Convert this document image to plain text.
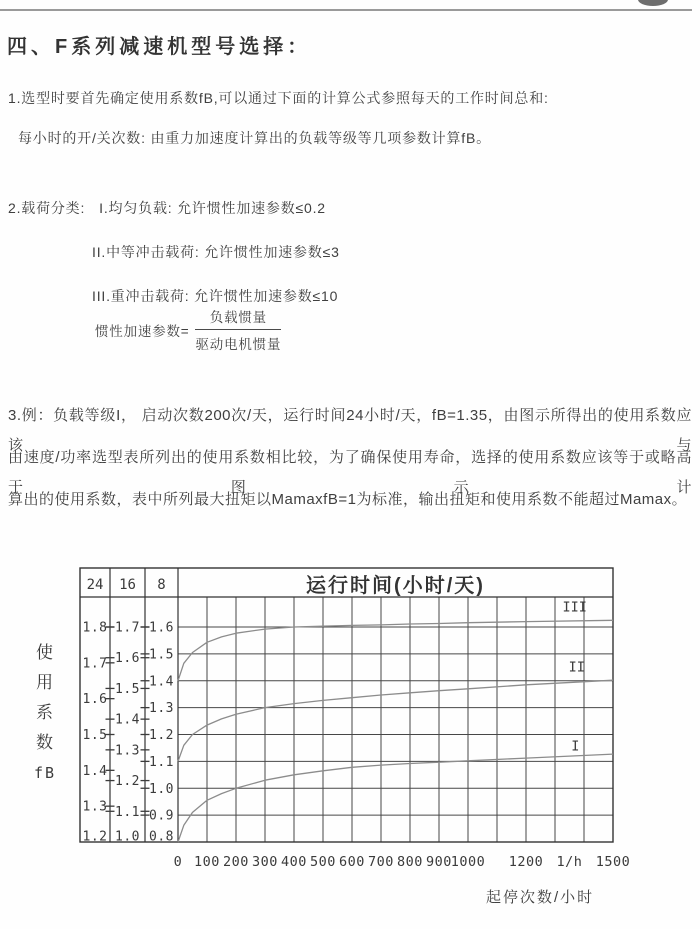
四、F系列减速机型号选择：
1.选型时要首先确定使用系数fB,可以通过下面的计算公式参照每天的工作时间总和:
每小时的开/关次数: 由重力加速度计算出的负载等级等几项参数计算fB。
2.载荷分类: I.均匀负载: 允许惯性加速参数≤0.2
II.中等冲击载荷: 允许惯性加速参数≤3
III.重冲击载荷: 允许惯性加速参数≤10
惯性加速参数= $\frac{\text{负载惯量}}{\text{驱动电机惯量}}$
3.例：负载等级I， 启动次数200次/天，运行时间24小时/天，fB=1.35，由图示所得出的使用系数应该与
由速度/功率选型表所列出的使用系数相比较，为了确保使用寿命，选择的使用系数应该等于或略高于图示计
算出的使用系数，表中所列最大扭矩以MamaxfB=1为标准，输出扭矩和使用系数不能超过Mamax。
24
1.8
1.7
1.6
1.5
1.4
1.3
1.2
16
1.7
1.6
1.5
1.4
1.3
1.2
1.1
1.0
8
1.6
1.5
1.4
1.3
1.2
1.1
1.0
0.9
0.8
运行时间(小时/天)
I
II
III
0 100 200 300 400 500 600 700 800 900
1000 1200 1/h 1500
使
用
系
数
fB
起停次数/小时
